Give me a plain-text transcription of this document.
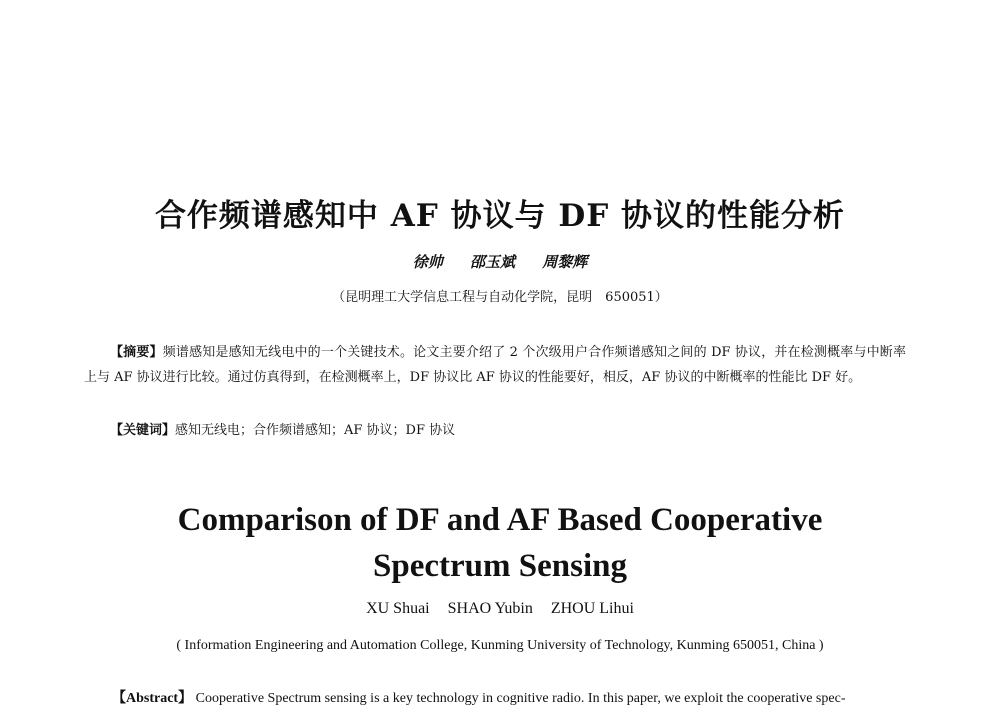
合作频谱感知中 AF 协议与 DF 协议的性能分析
徐帅 邵玉斌 周黎辉
（昆明理工大学信息工程与自动化学院，昆明　650051）
【摘要】频谱感知是感知无线电中的一个关键技术。论文主要介绍了 2 个次级用户合作频谱感知之间的 DF 协议，并在检测概率与中断率上与 AF 协议进行比较。通过仿真得到，在检测概率上，DF 协议比 AF 协议的性能要好，相反，AF 协议的中断概率的性能比 DF 好。
【关键词】感知无线电；合作频谱感知；AF 协议；DF 协议
Comparison of DF and AF Based Cooperative
Spectrum Sensing
XU Shuai SHAO Yubin ZHOU Lihui
( Information Engineering and Automation College, Kunming University of Technology, Kunming 650051, China )
【Abstract】 Cooperative Spectrum sensing is a key technology in cognitive radio. In this paper, we exploit the cooperative spec-
